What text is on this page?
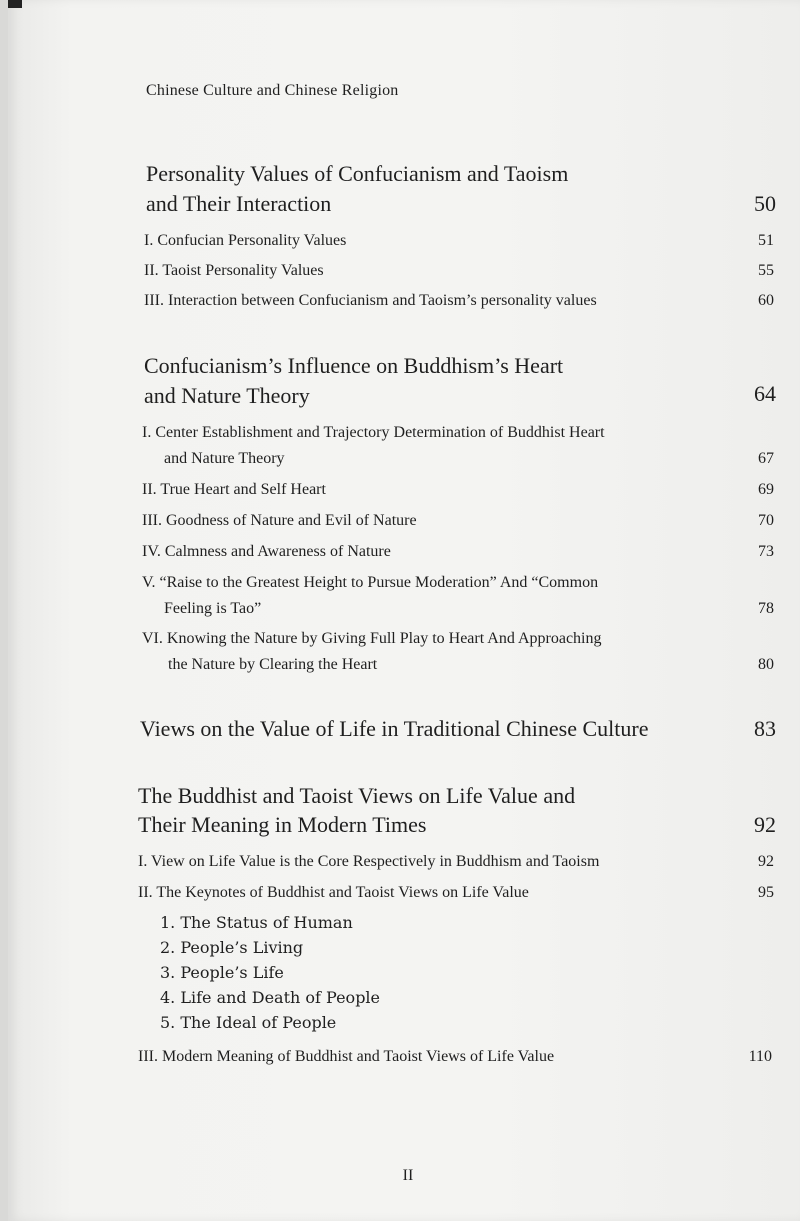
Chinese Culture and Chinese Religion
Personality Values of Confucianism and Taoism
and Their Interaction	50
I. Confucian Personality Values	51
II. Taoist Personality Values	55
III. Interaction between Confucianism and Taoism’s personality values	60
Confucianism’s Influence on Buddhism’s Heart
and Nature Theory	64
I. Center Establishment and Trajectory Determination of Buddhist Heart
and Nature Theory	67
II. True Heart and Self Heart	69
III. Goodness of Nature and Evil of Nature	70
IV. Calmness and Awareness of Nature	73
V. “Raise to the Greatest Height to Pursue Moderation” And “Common
Feeling is Tao”	78
VI. Knowing the Nature by Giving Full Play to Heart And Approaching
the Nature by Clearing the Heart	80
Views on the Value of Life in Traditional Chinese Culture	83
The Buddhist and Taoist Views on Life Value and
Their Meaning in Modern Times	92
I. View on Life Value is the Core Respectively in Buddhism and Taoism	92
II. The Keynotes of Buddhist and Taoist Views on Life Value	95
1. The Status of Human
2. People’s Living
3. People’s Life
4. Life and Death of People
5. The Ideal of People
III. Modern Meaning of Buddhist and Taoist Views of Life Value	110
II
